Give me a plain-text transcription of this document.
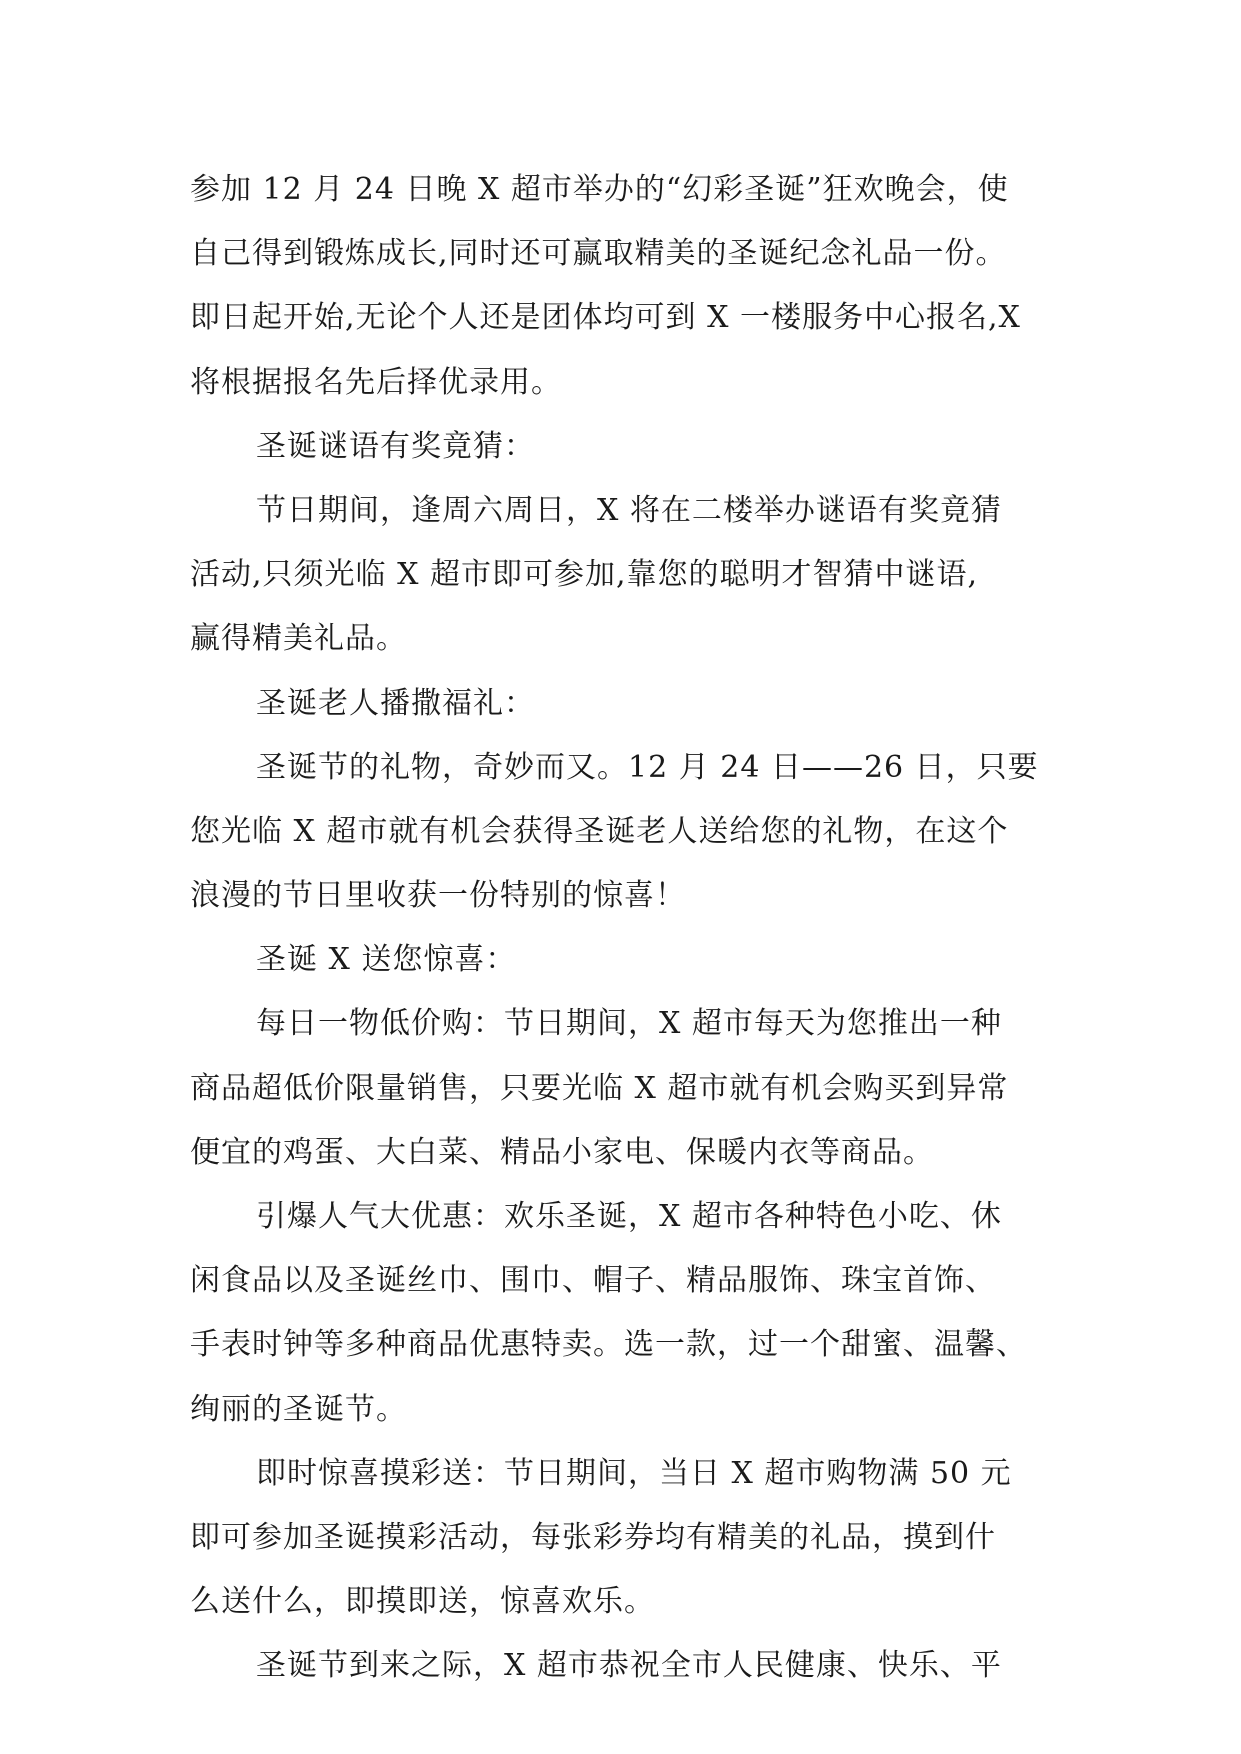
参加 12 月 24 日晚 X 超市举办的“幻彩圣诞”狂欢晚会，使
自己得到锻炼成长,同时还可赢取精美的圣诞纪念礼品一份。
即日起开始,无论个人还是团体均可到 X 一楼服务中心报名,X
将根据报名先后择优录用。
圣诞谜语有奖竟猜：
节日期间，逢周六周日，X 将在二楼举办谜语有奖竟猜
活动,只须光临 X 超市即可参加,靠您的聪明才智猜中谜语,
赢得精美礼品。
圣诞老人播撒福礼：
圣诞节的礼物，奇妙而又。12 月 24 日——26 日，只要
您光临 X 超市就有机会获得圣诞老人送给您的礼物，在这个
浪漫的节日里收获一份特别的惊喜！
圣诞 X 送您惊喜：
每日一物低价购：节日期间，X 超市每天为您推出一种
商品超低价限量销售，只要光临 X 超市就有机会购买到异常
便宜的鸡蛋、大白菜、精品小家电、保暖内衣等商品。
引爆人气大优惠：欢乐圣诞，X 超市各种特色小吃、休
闲食品以及圣诞丝巾、围巾、帽子、精品服饰、珠宝首饰、
手表时钟等多种商品优惠特卖。选一款，过一个甜蜜、温馨、
绚丽的圣诞节。
即时惊喜摸彩送：节日期间，当日 X 超市购物满 50 元
即可参加圣诞摸彩活动，每张彩券均有精美的礼品，摸到什
么送什么，即摸即送，惊喜欢乐。
圣诞节到来之际，X 超市恭祝全市人民健康、快乐、平
